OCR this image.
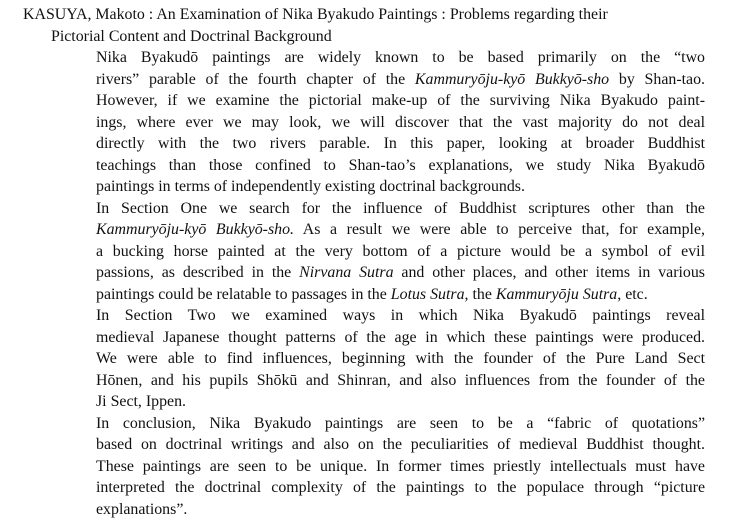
KASUYA, Makoto : An Examination of Nika Byakudo Paintings : Problems regarding their
Pictorial Content and Doctrinal Background
Nika Byakudō paintings are widely known to be based primarily on the “two
rivers” parable of the fourth chapter of the Kammuryōju-kyō Bukkyō-sho by Shan-tao.
However, if we examine the pictorial make-up of the surviving Nika Byakudo paint-
ings, where ever we may look, we will discover that the vast majority do not deal
directly with the two rivers parable. In this paper, looking at broader Buddhist
teachings than those confined to Shan-tao’s explanations, we study Nika Byakudō
paintings in terms of independently existing doctrinal backgrounds.
In Section One we search for the influence of Buddhist scriptures other than the
Kammuryōju-kyō Bukkyō-sho. As a result we were able to perceive that, for example,
a bucking horse painted at the very bottom of a picture would be a symbol of evil
passions, as described in the Nirvana Sutra and other places, and other items in various
paintings could be relatable to passages in the Lotus Sutra, the Kammuryōju Sutra, etc.
In Section Two we examined ways in which Nika Byakudō paintings reveal
medieval Japanese thought patterns of the age in which these paintings were produced.
We were able to find influences, beginning with the founder of the Pure Land Sect
Hōnen, and his pupils Shōkū and Shinran, and also influences from the founder of the
Ji Sect, Ippen.
In conclusion, Nika Byakudo paintings are seen to be a “fabric of quotations”
based on doctrinal writings and also on the peculiarities of medieval Buddhist thought.
These paintings are seen to be unique. In former times priestly intellectuals must have
interpreted the doctrinal complexity of the paintings to the populace through “picture
explanations”.
